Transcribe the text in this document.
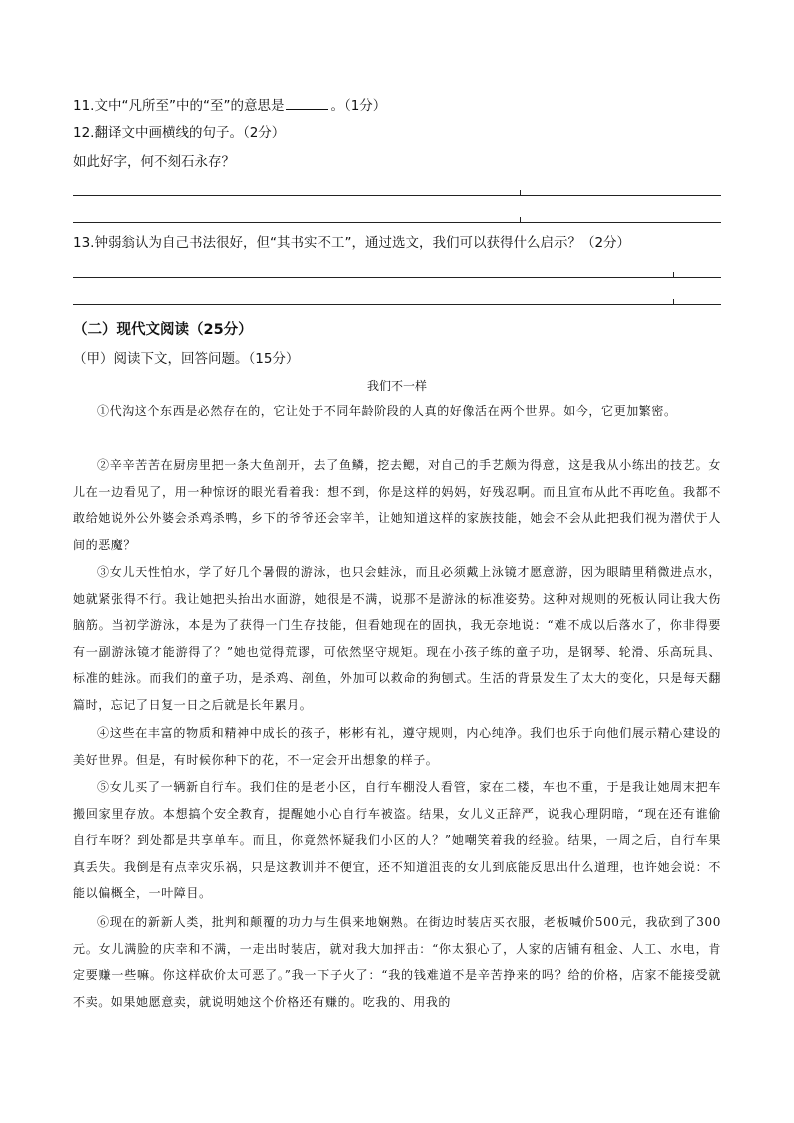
11.文中“凡所至”中的“至”的意思是	。（1分）
12.翻译文中画横线的句子。（2分）
如此好字，何不刻石永存？
13.钟弱翁认为自己书法很好，但“其书实不工”，通过选文，我们可以获得什么启示？（2分）
（二）现代文阅读（25分）
（甲）阅读下文，回答问题。（15分）
我们不一样
①代沟这个东西是必然存在的，它让处于不同年龄阶段的人真的好像活在两个世界。如今，它更加繁密。
②辛辛苦苦在厨房里把一条大鱼剖开，去了鱼鳞，挖去鳃，对自己的手艺颇为得意，这是我从小练出的技艺。女儿在一边看见了，用一种惊讶的眼光看着我：想不到，你是这样的妈妈，好残忍啊。而且宣布从此不再吃鱼。我都不敢给她说外公外婆会杀鸡杀鸭，乡下的爷爷还会宰羊，让她知道这样的家族技能，她会不会从此把我们视为潜伏于人间的恶魔？
③女儿天性怕水，学了好几个暑假的游泳，也只会蛙泳，而且必须戴上泳镜才愿意游，因为眼睛里稍微进点水，她就紧张得不行。我让她把头抬出水面游，她很是不满，说那不是游泳的标准姿势。这种对规则的死板认同让我大伤脑筋。当初学游泳，本是为了获得一门生存技能，但看她现在的固执，我无奈地说：“难不成以后落水了，你非得要有一副游泳镜才能游得了？”她也觉得荒谬，可依然坚守规矩。现在小孩子练的童子功，是钢琴、轮滑、乐高玩具、标准的蛙泳。而我们的童子功，是杀鸡、剖鱼，外加可以救命的狗刨式。生活的背景发生了太大的变化，只是每天翻篇时，忘记了日复一日之后就是长年累月。
④这些在丰富的物质和精神中成长的孩子，彬彬有礼，遵守规则，内心纯净。我们也乐于向他们展示精心建设的美好世界。但是，有时候你种下的花，不一定会开出想象的样子。
⑤女儿买了一辆新自行车。我们住的是老小区，自行车棚没人看管，家在二楼，车也不重，于是我让她周末把车搬回家里存放。本想搞个安全教育，提醒她小心自行车被盗。结果，女儿义正辞严，说我心理阴暗，“现在还有谁偷自行车呀？到处都是共享单车。而且，你竟然怀疑我们小区的人？”她嘲笑着我的经验。结果，一周之后，自行车果真丢失。我倒是有点幸灾乐祸，只是这教训并不便宜，还不知道沮丧的女儿到底能反思出什么道理，也许她会说：不能以偏概全，一叶障目。
⑥现在的新新人类，批判和颠覆的功力与生俱来地娴熟。在街边时装店买衣服，老板喊价500元，我砍到了300元。女儿满脸的庆幸和不满，一走出时装店，就对我大加抨击：“你太狠心了，人家的店铺有租金、人工、水电，肯定要赚一些嘛。你这样砍价太可恶了。”我一下子火了：“我的钱难道不是辛苦挣来的吗？给的价格，店家不能接受就不卖。如果她愿意卖，就说明她这个价格还有赚的。吃我的、用我的
